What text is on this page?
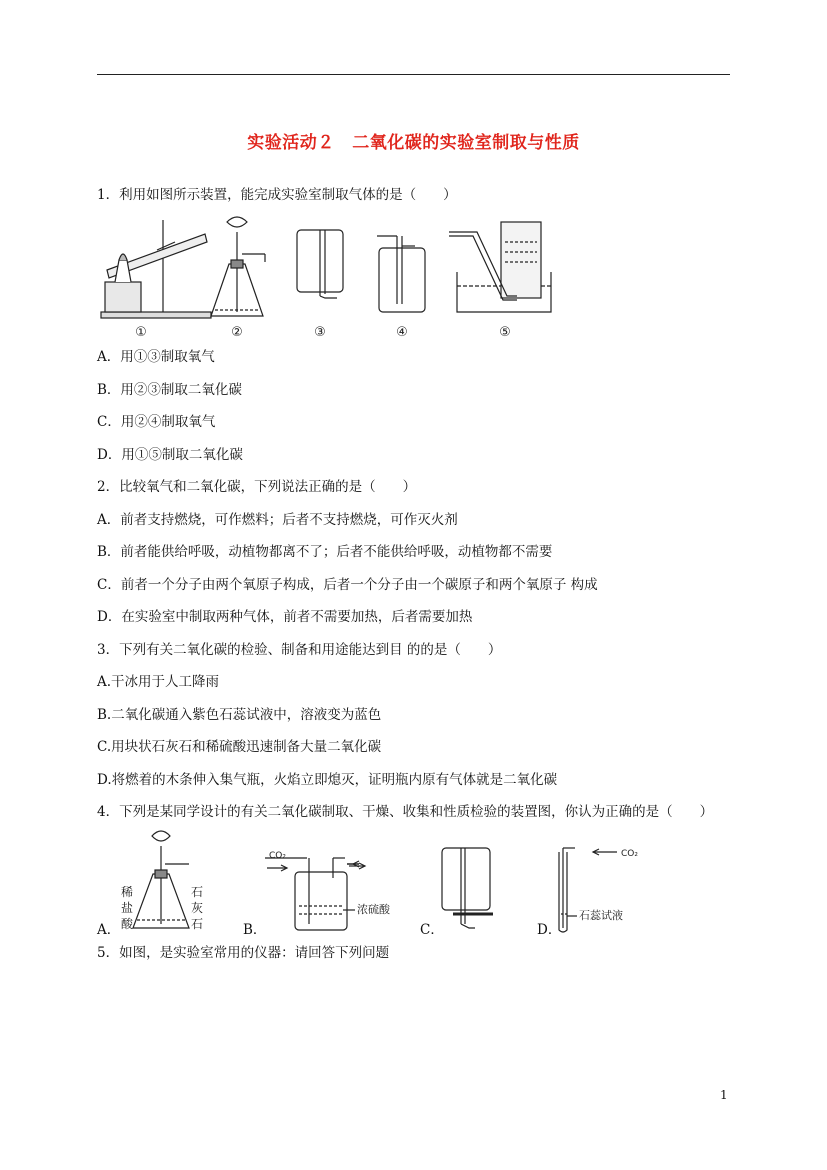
实验活动２　二氧化碳的实验室制取与性质
1．利用如图所示装置，能完成实验室制取气体的是（　　）
①	②	③	④	⑤
A．用①③制取氧气
B．用②③制取二氧化碳
C．用②④制取氧气
D．用①⑤制取二氧化碳
2．比较氧气和二氧化碳，下列说法正确的是（　　）
A．前者支持燃烧，可作燃料；后者不支持燃烧，可作灭火剂
B．前者能供给呼吸，动植物都离不了；后者不能供给呼吸，动植物都不需要
C．前者一个分子由两个氧原子构成，后者一个分子由一个碳原子和两个氧原子 构成
D．在实验室中制取两种气体，前者不需要加热，后者需要加热
3．下列有关二氧化碳的检验、制备和用途能达到目 的的是（　　）
A.干冰用于人工降雨
B.二氧化碳通入紫色石蕊试液中，溶液变为蓝色
C.用块状石灰石和稀硫酸迅速制备大量二氧化碳
D.将燃着的木条伸入集气瓶，火焰立即熄灭，证明瓶内原有气体就是二氧化碳
4．下列是某同学设计的有关二氧化碳制取、干燥、收集和性质检验的装置图，你认为正确的是（　　）
CO₂	CO₂
浓硫酸	石蕊试液
稀
盐
酸
石
灰
石
A．	B．	C．	D．
5．如图，是实验室常用的仪器：请回答下列问题
1
